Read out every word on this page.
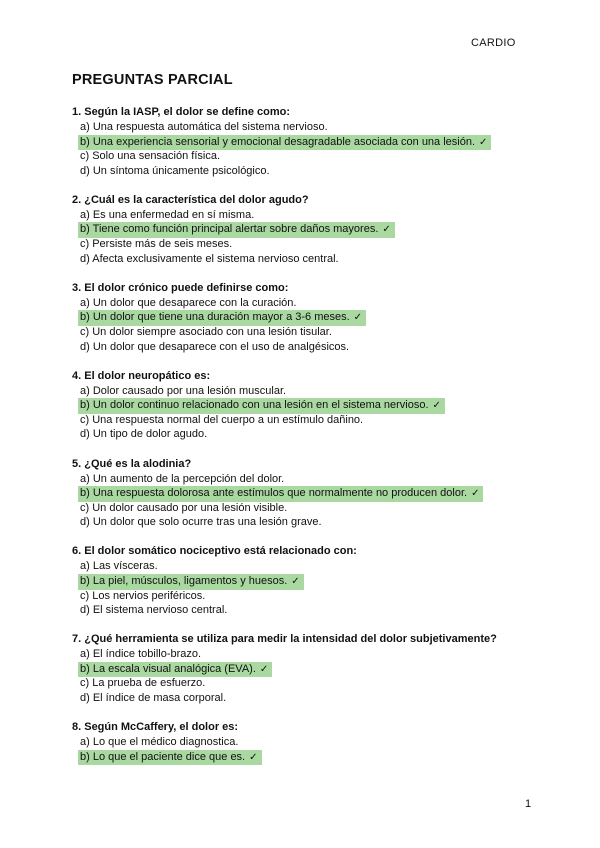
CARDIO
PREGUNTAS PARCIAL
1. Según la IASP, el dolor se define como:
a) Una respuesta automática del sistema nervioso.
b) Una experiencia sensorial y emocional desagradable asociada con una lesión. ✓
c) Solo una sensación física.
d) Un síntoma únicamente psicológico.
2. ¿Cuál es la característica del dolor agudo?
a) Es una enfermedad en sí misma.
b) Tiene como función principal alertar sobre daños mayores. ✓
c) Persiste más de seis meses.
d) Afecta exclusivamente el sistema nervioso central.
3. El dolor crónico puede definirse como:
a) Un dolor que desaparece con la curación.
b) Un dolor que tiene una duración mayor a 3-6 meses. ✓
c) Un dolor siempre asociado con una lesión tisular.
d) Un dolor que desaparece con el uso de analgésicos.
4. El dolor neuropático es:
a) Dolor causado por una lesión muscular.
b) Un dolor continuo relacionado con una lesión en el sistema nervioso. ✓
c) Una respuesta normal del cuerpo a un estímulo dañino.
d) Un tipo de dolor agudo.
5. ¿Qué es la alodinia?
a) Un aumento de la percepción del dolor.
b) Una respuesta dolorosa ante estímulos que normalmente no producen dolor. ✓
c) Un dolor causado por una lesión visible.
d) Un dolor que solo ocurre tras una lesión grave.
6. El dolor somático nociceptivo está relacionado con:
a) Las vísceras.
b) La piel, músculos, ligamentos y huesos. ✓
c) Los nervios periféricos.
d) El sistema nervioso central.
7. ¿Qué herramienta se utiliza para medir la intensidad del dolor subjetivamente?
a) El índice tobillo-brazo.
b) La escala visual analógica (EVA). ✓
c) La prueba de esfuerzo.
d) El índice de masa corporal.
8. Según McCaffery, el dolor es:
a) Lo que el médico diagnostica.
b) Lo que el paciente dice que es. ✓
1
